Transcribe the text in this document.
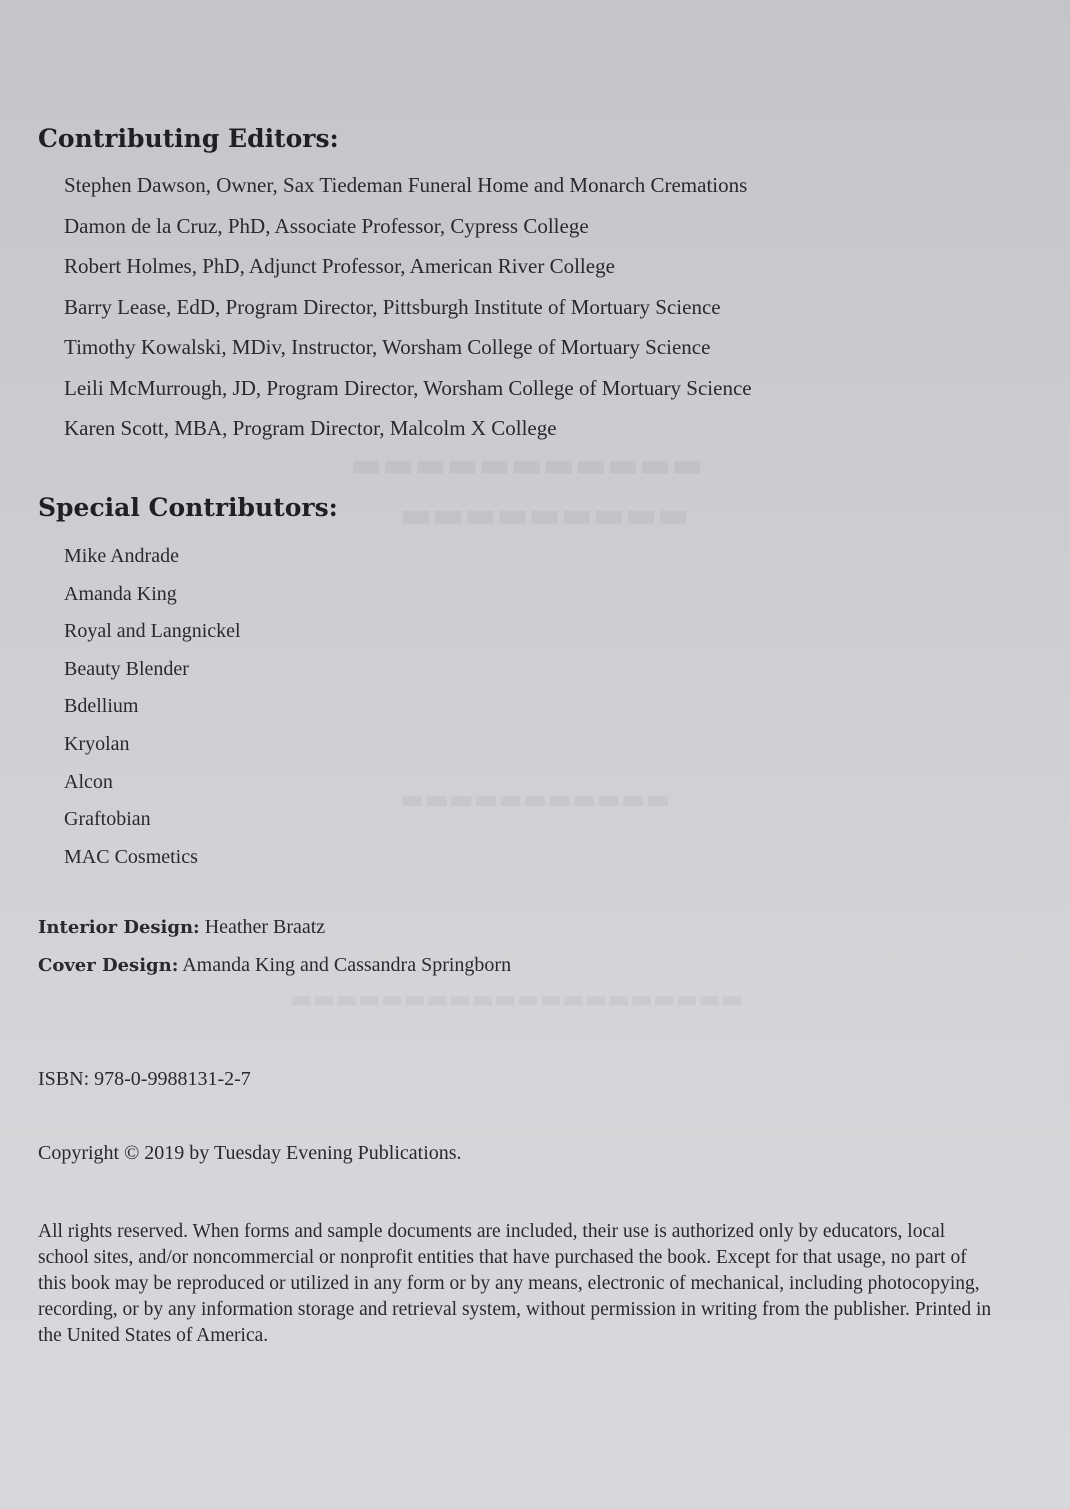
▬▬▬▬▬▬▬▬▬▬▬
▬▬▬▬▬▬▬▬▬
▬▬▬▬▬▬▬▬▬▬▬
▬▬▬▬▬▬▬▬▬▬▬▬▬▬▬▬▬▬▬▬
Contributing Editors:
Stephen Dawson, Owner, Sax Tiedeman Funeral Home and Monarch Cremations
Damon de la Cruz, PhD, Associate Professor, Cypress College
Robert Holmes, PhD, Adjunct Professor, American River College
Barry Lease, EdD, Program Director, Pittsburgh Institute of Mortuary Science
Timothy Kowalski, MDiv, Instructor, Worsham College of Mortuary Science
Leili McMurrough, JD, Program Director, Worsham College of Mortuary Science
Karen Scott, MBA, Program Director, Malcolm X College
Special Contributors:
Mike Andrade
Amanda King
Royal and Langnickel
Beauty Blender
Bdellium
Kryolan
Alcon
Graftobian
MAC Cosmetics
Interior Design: Heather Braatz
Cover Design: Amanda King and Cassandra Springborn
ISBN: 978-0-9988131-2-7
Copyright © 2019 by Tuesday Evening Publications.

All rights reserved. When forms and sample documents are included, their use is authorized only by educators, local school sites, and/or noncommercial or nonprofit entities that have purchased the book. Except for that usage, no part of this book may be reproduced or utilized in any form or by any means, electronic of mechanical, including photocopying, recording, or by any information storage and retrieval system, without permission in writing from the publisher. Printed in the United States of America.
